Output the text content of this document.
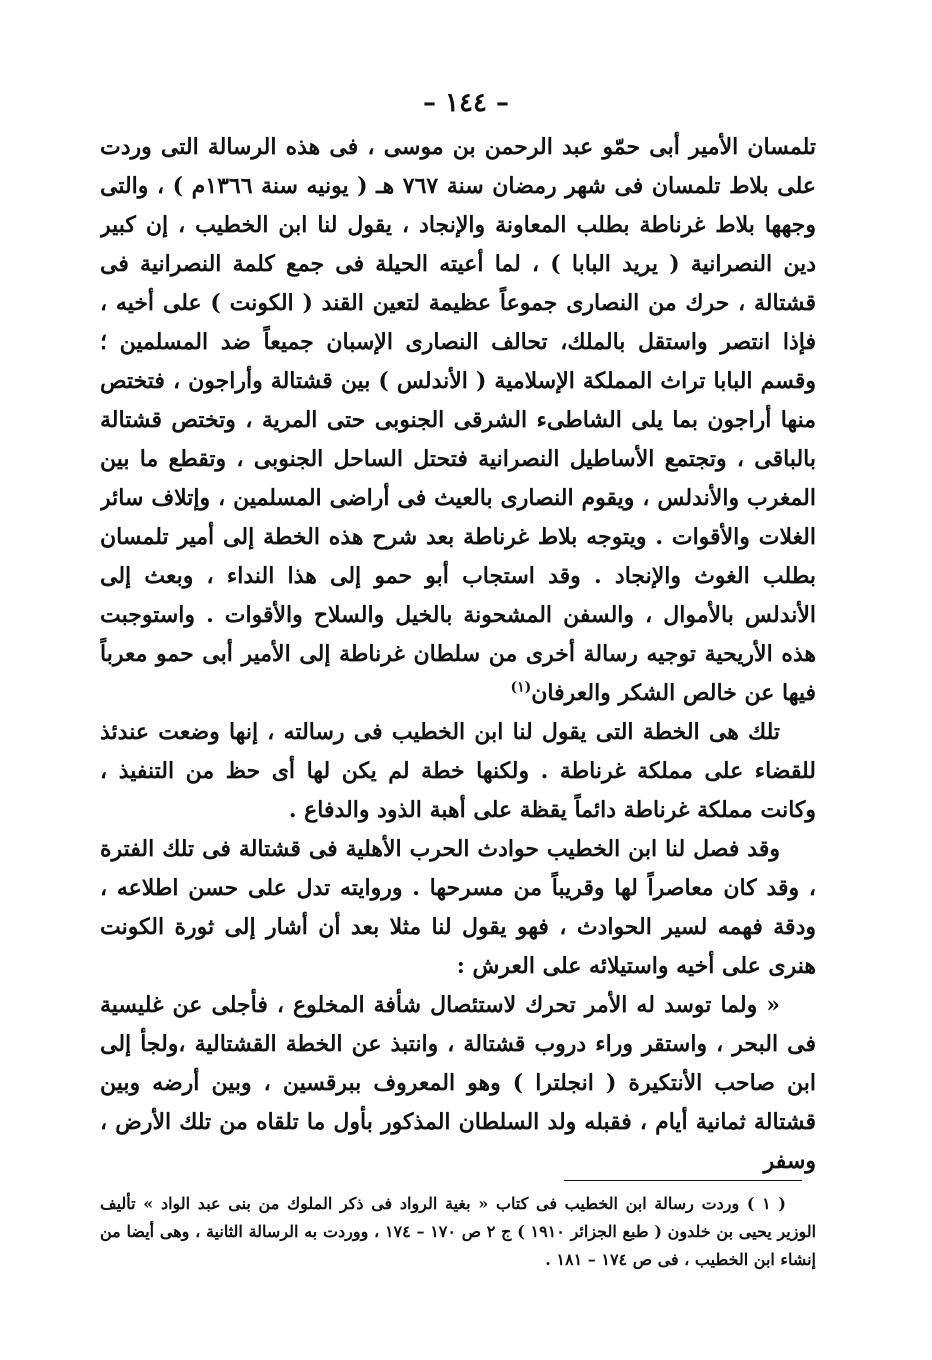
– ١٤٤ –

تلمسان الأمير أبى حمّو عبد الرحمن بن موسى ، فى هذه الرسالة التى وردت على بلاط تلمسان فى شهر رمضان سنة ٧٦٧ هـ ( يونيه سنة ١٣٦٦م ) ، والتى وجهها بلاط غرناطة بطلب المعاونة والإنجاد ، يقول لنا ابن الخطيب ، إن كبير دين النصرانية ( يريد البابا ) ، لما أعيته الحيلة فى جمع كلمة النصرانية فى قشتالة ، حرك من النصارى جموعاً عظيمة لتعين القند ( الكونت ) على أخيه ، فإذا انتصر واستقل بالملك، تحالف النصارى الإسبان جميعاً ضد المسلمين ؛ وقسم البابا تراث المملكة الإسلامية ( الأندلس ) بين قشتالة وأراجون ، فتختص منها أراجون بما يلى الشاطىء الشرقى الجنوبى حتى المرية ، وتختص قشتالة بالباقى ، وتجتمع الأساطيل النصرانية فتحتل الساحل الجنوبى ، وتقطع ما بين المغرب والأندلس ، ويقوم النصارى بالعيث فى أراضى المسلمين ، وإتلاف سائر الغلات والأقوات . ويتوجه بلاط غرناطة بعد شرح هذه الخطة إلى أمير تلمسان بطلب الغوث والإنجاد . وقد استجاب أبو حمو إلى هذا النداء ، وبعث إلى الأندلس بالأموال ، والسفن المشحونة بالخيل والسلاح والأقوات . واستوجبت هذه الأريحية توجيه رسالة أخرى من سلطان غرناطة إلى الأمير أبى حمو معرباً فيها عن خالص الشكر والعرفان$^{(١)}$

تلك هى الخطة التى يقول لنا ابن الخطيب فى رسالته ، إنها وضعت عندئذ للقضاء على مملكة غرناطة . ولكنها خطة لم يكن لها أى حظ من التنفيذ ، وكانت مملكة غرناطة دائماً يقظة على أهبة الذود والدفاع .

وقد فصل لنا ابن الخطيب حوادث الحرب الأهلية فى قشتالة فى تلك الفترة ، وقد كان معاصراً لها وقريباً من مسرحها . وروايته تدل على حسن اطلاعه ، ودقة فهمه لسير الحوادث ، فهو يقول لنا مثلا بعد أن أشار إلى ثورة الكونت هنرى على أخيه واستيلائه على العرش :

« ولما توسد له الأمر تحرك لاستئصال شأفة المخلوع ، فأجلى عن غليسية فى البحر ، واستقر وراء دروب قشتالة ، وانتبذ عن الخطة القشتالية ،ولجأ إلى ابن صاحب الأنتكيرة ( انجلترا ) وهو المعروف ببرقسين ، وبين أرضه وبين قشتالة ثمانية أيام ، فقبله ولد السلطان المذكور بأول ما تلقاه من تلك الأرض ، وسفر

( ١ ) وردت رسالة ابن الخطيب فى كتاب « بغية الرواد فى ذكر الملوك من بنى عبد الواد » تأليف الوزير يحيى بن خلدون ( طبع الجزائر ١٩١٠ ) ج ٢ ص ١٧٠ – ١٧٤ ، ووردت به الرسالة الثانية ، وهى أيضا من إنشاء ابن الخطيب ، فى ص ١٧٤ – ١٨١ .
